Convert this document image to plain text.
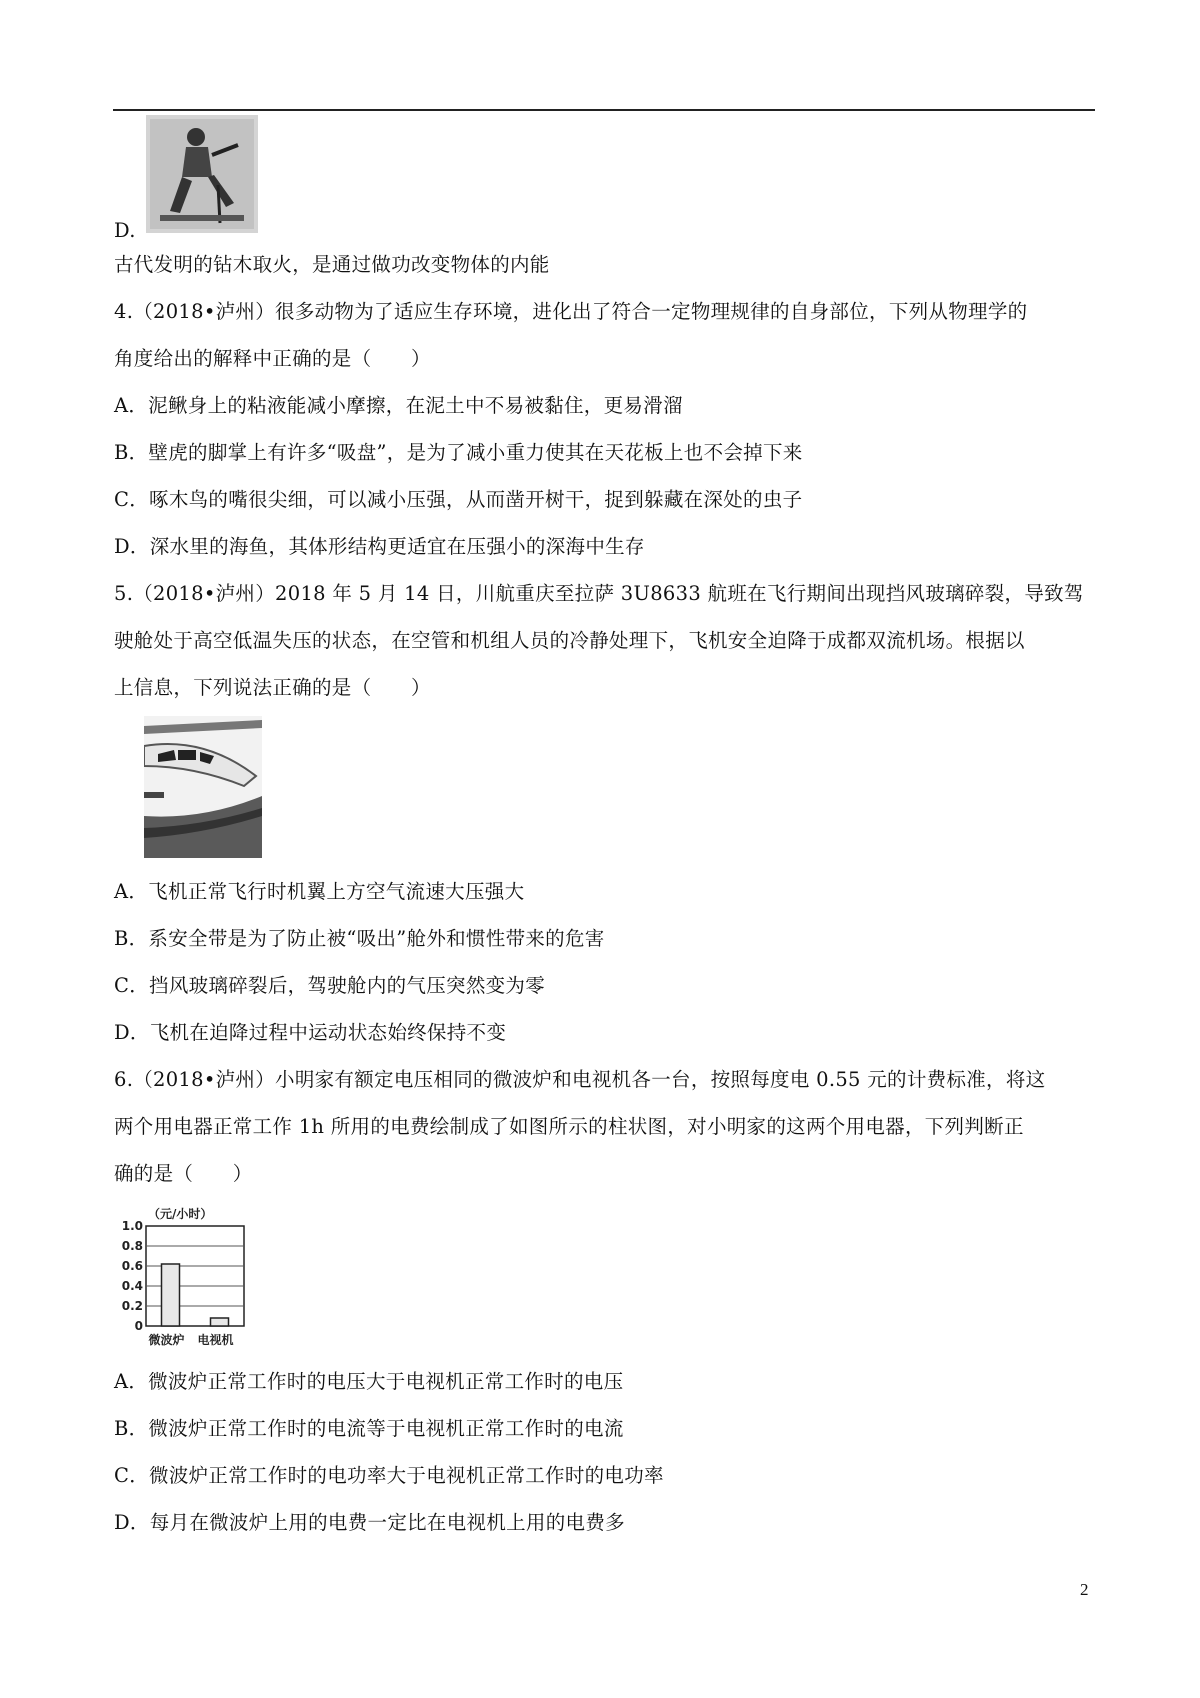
D.
古代发明的钻木取火，是通过做功改变物体的内能
4.（2018•泸州）很多动物为了适应生存环境，进化出了符合一定物理规律的自身部位，下列从物理学的
角度给出的解释中正确的是（　　）
A．泥鳅身上的粘液能减小摩擦，在泥土中不易被黏住，更易滑溜
B．壁虎的脚掌上有许多“吸盘”，是为了减小重力使其在天花板上也不会掉下来
C．啄木鸟的嘴很尖细，可以减小压强，从而凿开树干，捉到躲藏在深处的虫子
D．深水里的海鱼，其体形结构更适宜在压强小的深海中生存
5.（2018•泸州）2018 年 5 月 14 日，川航重庆至拉萨 3U8633 航班在飞行期间出现挡风玻璃碎裂，导致驾
驶舱处于高空低温失压的状态，在空管和机组人员的冷静处理下，飞机安全迫降于成都双流机场。根据以
上信息，下列说法正确的是（　　）
A．飞机正常飞行时机翼上方空气流速大压强大
B．系安全带是为了防止被“吸出”舱外和惯性带来的危害
C．挡风玻璃碎裂后，驾驶舱内的气压突然变为零
D．飞机在迫降过程中运动状态始终保持不变
6.（2018•泸州）小明家有额定电压相同的微波炉和电视机各一台，按照每度电 0.55 元的计费标准，将这
两个用电器正常工作 1h 所用的电费绘制成了如图所示的柱状图，对小明家的这两个用电器，下列判断正
确的是（　　）
（元/小时）
1.0
0.8
0.6
0.4
0.2
0
微波炉 电视机
A．微波炉正常工作时的电压大于电视机正常工作时的电压
B．微波炉正常工作时的电流等于电视机正常工作时的电流
C．微波炉正常工作时的电功率大于电视机正常工作时的电功率
D．每月在微波炉上用的电费一定比在电视机上用的电费多
2
